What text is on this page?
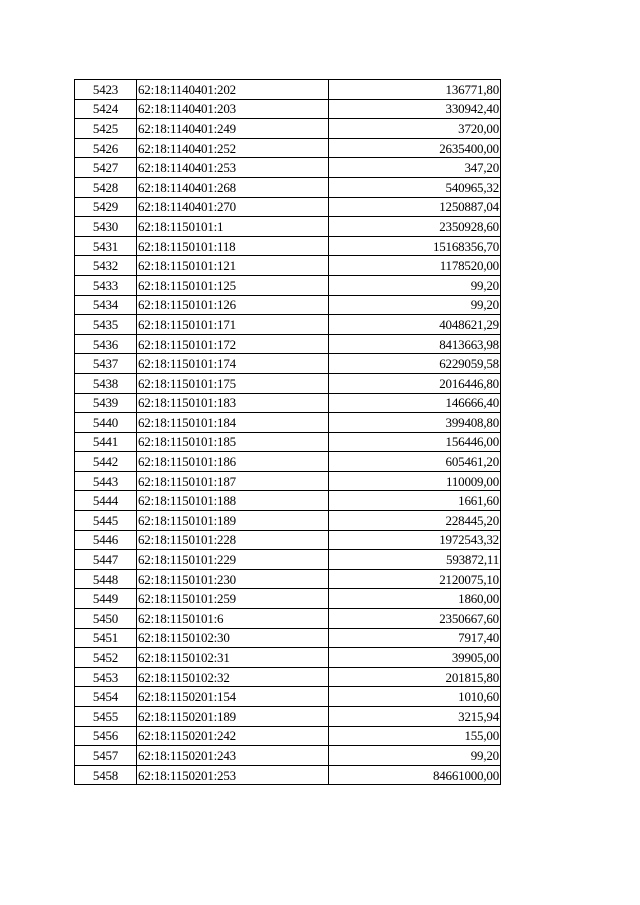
5423	62:18:1140401:202	136771,80
5424	62:18:1140401:203	330942,40
5425	62:18:1140401:249	3720,00
5426	62:18:1140401:252	2635400,00
5427	62:18:1140401:253	347,20
5428	62:18:1140401:268	540965,32
5429	62:18:1140401:270	1250887,04
5430	62:18:1150101:1	2350928,60
5431	62:18:1150101:118	15168356,70
5432	62:18:1150101:121	1178520,00
5433	62:18:1150101:125	99,20
5434	62:18:1150101:126	99,20
5435	62:18:1150101:171	4048621,29
5436	62:18:1150101:172	8413663,98
5437	62:18:1150101:174	6229059,58
5438	62:18:1150101:175	2016446,80
5439	62:18:1150101:183	146666,40
5440	62:18:1150101:184	399408,80
5441	62:18:1150101:185	156446,00
5442	62:18:1150101:186	605461,20
5443	62:18:1150101:187	110009,00
5444	62:18:1150101:188	1661,60
5445	62:18:1150101:189	228445,20
5446	62:18:1150101:228	1972543,32
5447	62:18:1150101:229	593872,11
5448	62:18:1150101:230	2120075,10
5449	62:18:1150101:259	1860,00
5450	62:18:1150101:6	2350667,60
5451	62:18:1150102:30	7917,40
5452	62:18:1150102:31	39905,00
5453	62:18:1150102:32	201815,80
5454	62:18:1150201:154	1010,60
5455	62:18:1150201:189	3215,94
5456	62:18:1150201:242	155,00
5457	62:18:1150201:243	99,20
5458	62:18:1150201:253	84661000,00
